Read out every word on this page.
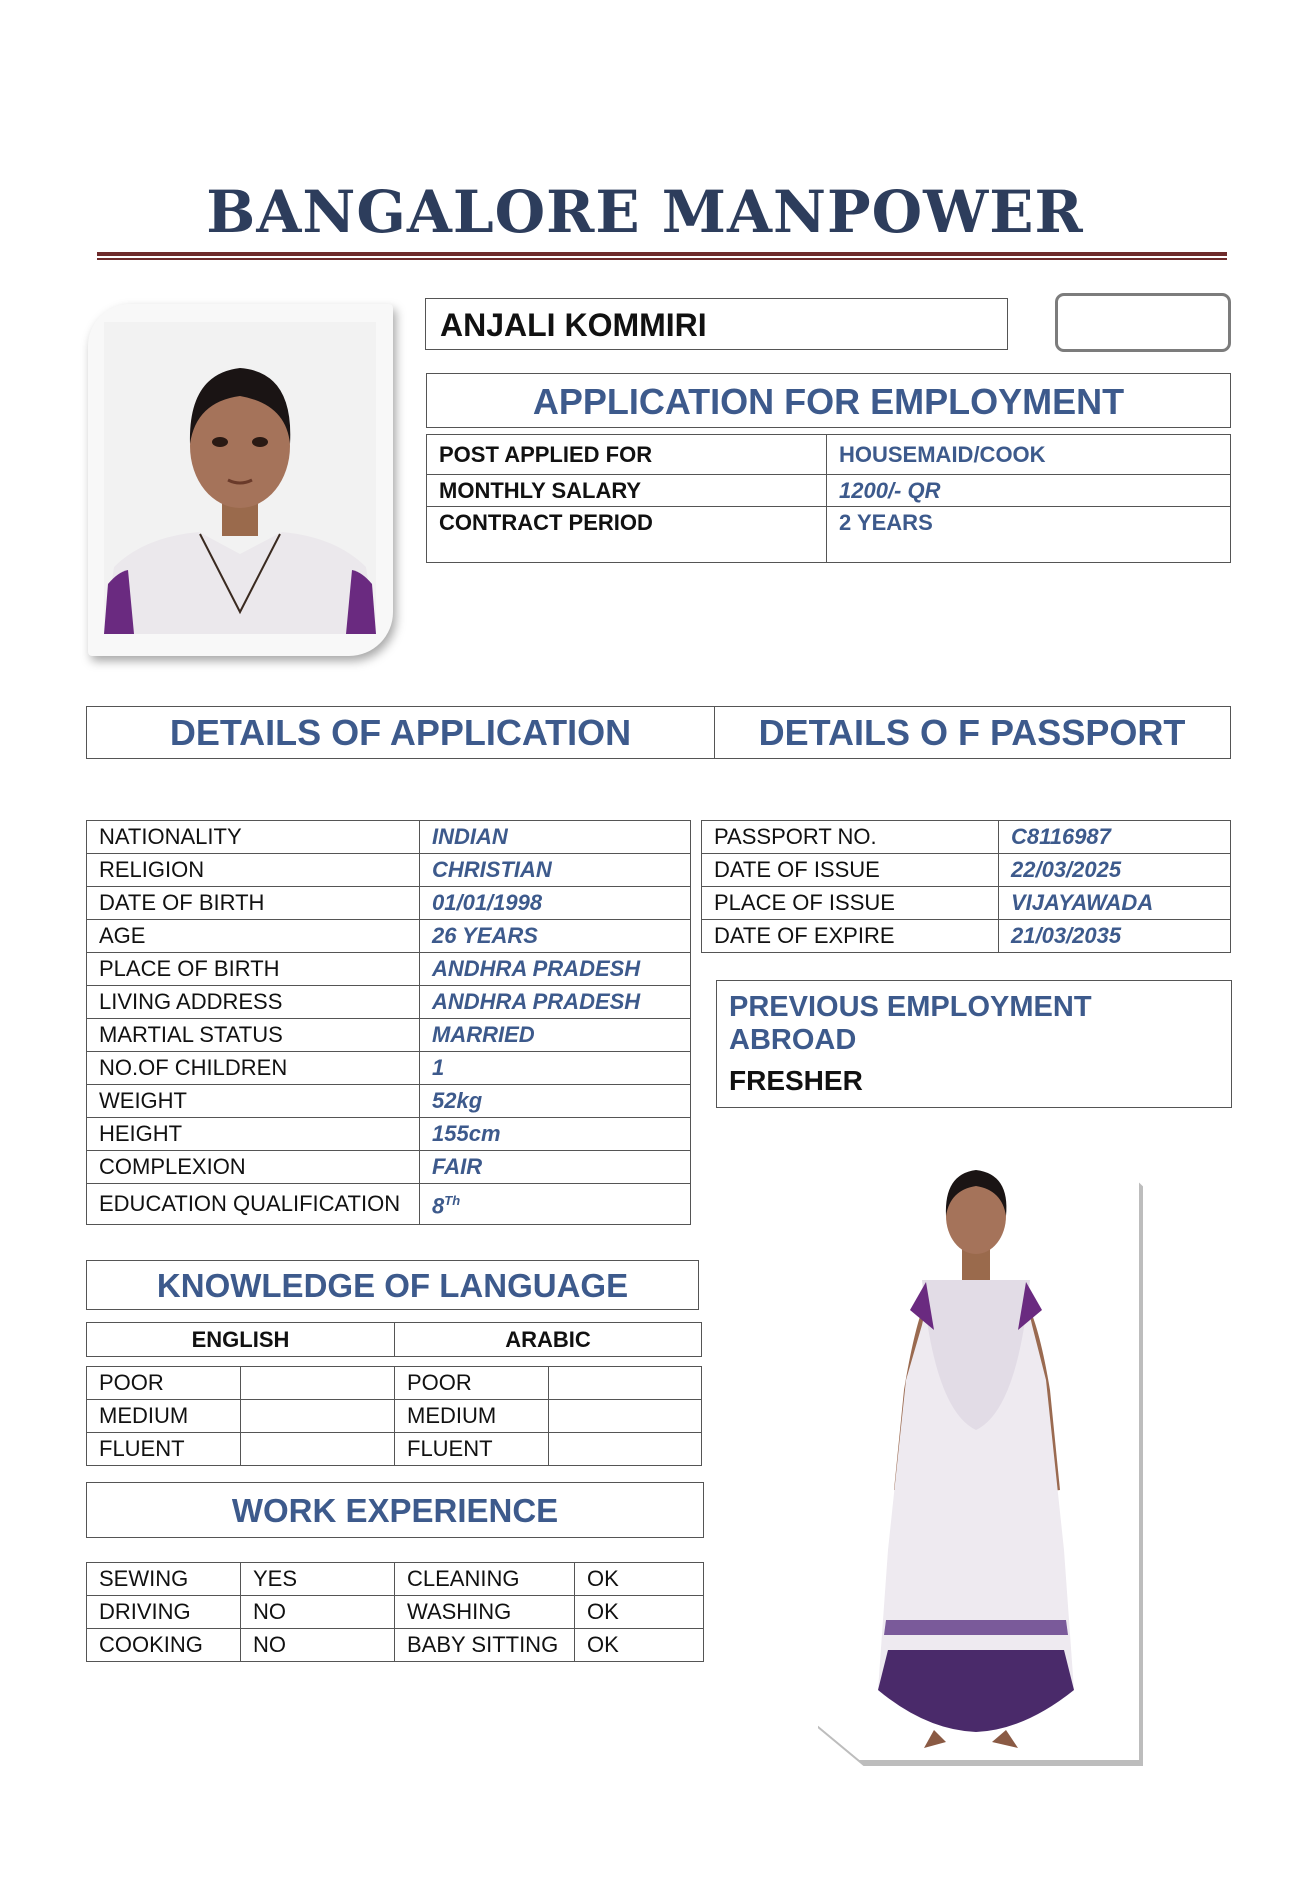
BANGALORE MANPOWER
ANJALI KOMMIRI
APPLICATION FOR EMPLOYMENT
POST APPLIED FOR	HOUSEMAID/COOK
MONTHLY SALARY	1200/- QR
CONTRACT PERIOD	2 YEARS
DETAILS OF APPLICATION	DETAILS O F PASSPORT
NATIONALITY	INDIAN
RELIGION	CHRISTIAN
DATE OF BIRTH	01/01/1998
AGE	26 YEARS
PLACE OF BIRTH	ANDHRA PRADESH
LIVING ADDRESS	ANDHRA PRADESH
MARTIAL STATUS	MARRIED
NO.OF CHILDREN	1
WEIGHT	52kg
HEIGHT	155cm
COMPLEXION	FAIR
EDUCATION QUALIFICATION	8Th
PASSPORT NO.	C8116987
DATE OF ISSUE	22/03/2025
PLACE OF ISSUE	VIJAYAWADA
DATE OF EXPIRE	21/03/2035
PREVIOUS EMPLOYMENT ABROAD
FRESHER
KNOWLEDGE OF LANGUAGE
ENGLISH	ARABIC
POOR		POOR	
MEDIUM		MEDIUM	
FLUENT		FLUENT	
WORK EXPERIENCE
SEWING	YES	CLEANING	OK
DRIVING	NO	WASHING	OK
COOKING	NO	BABY SITTING	OK
